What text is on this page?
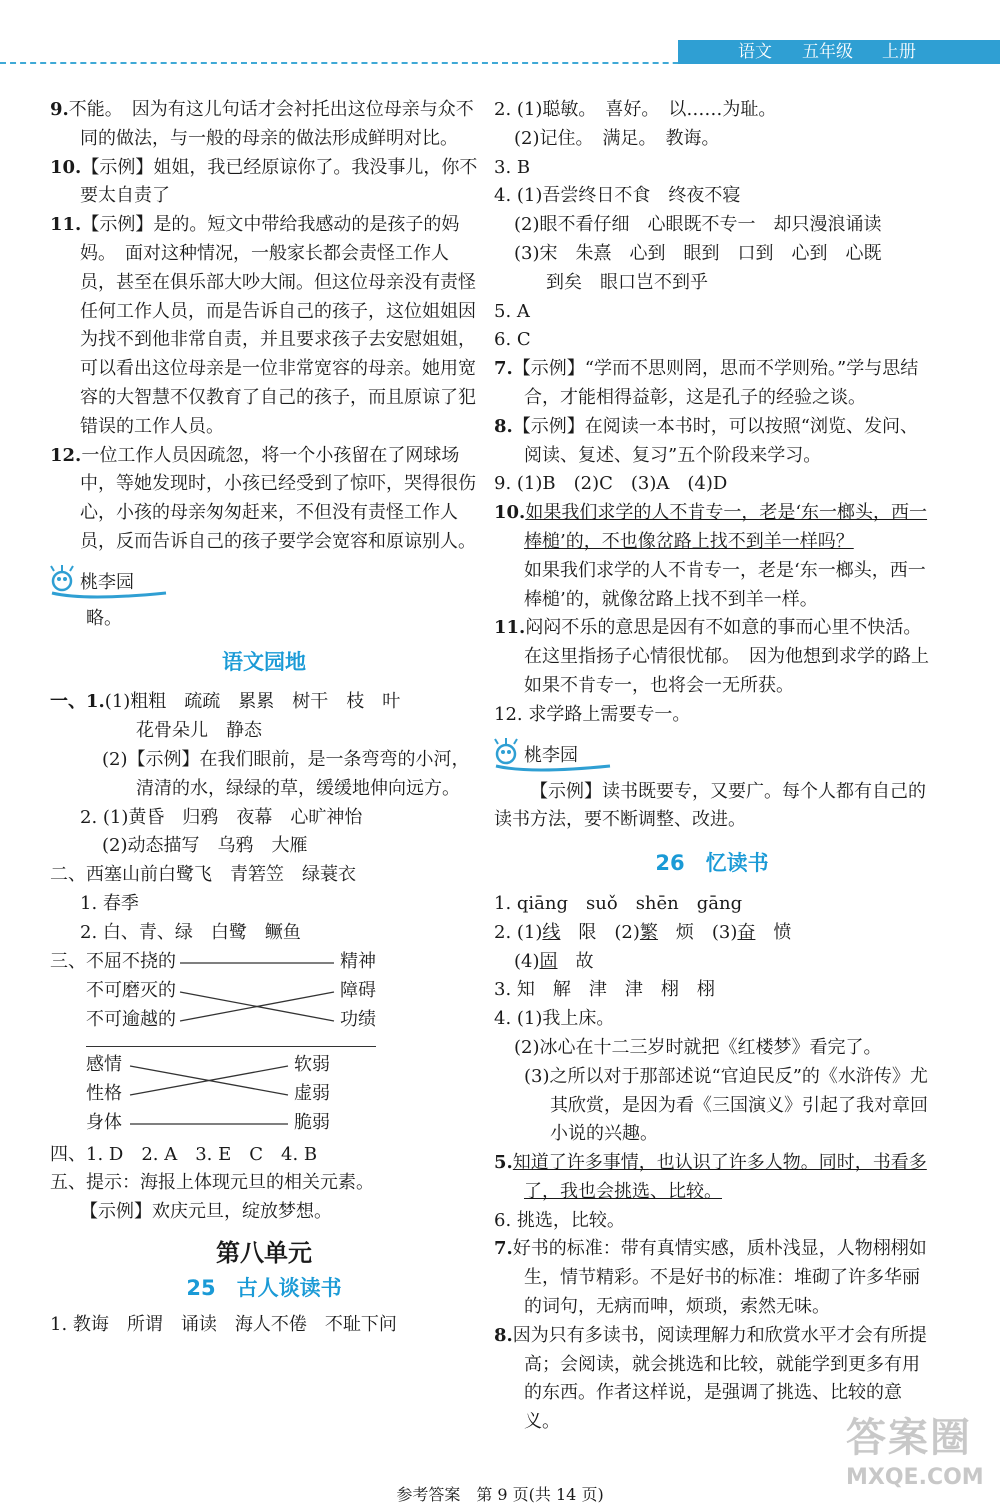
语文 五年级 上册

9.不能。　因为有这儿句话才会衬托出这位母亲与众不同的做法，与一般的母亲的做法形成鲜明对比。

10.【示例】姐姐，我已经原谅你了。我没事儿，你不要太自责了

11.【示例】是的。短文中带给我感动的是孩子的妈妈。　面对这种情况，一般家长都会责怪工作人员，甚至在俱乐部大吵大闹。但这位母亲没有责怪任何工作人员，而是告诉自己的孩子，这位姐姐因为找不到他非常自责，并且要求孩子去安慰姐姐，可以看出这位母亲是一位非常宽容的母亲。她用宽容的大智慧不仅教育了自己的孩子，而且原谅了犯错误的工作人员。

12.一位工作人员因疏忽，将一个小孩留在了网球场中，等她发现时，小孩已经受到了惊吓，哭得很伤心，小孩的母亲匆匆赶来，不但没有责怪工作人员，反而告诉自己的孩子要学会宽容和原谅别人。

桃李园

略。

语文园地

一、1.(1)粗粗　疏疏　累累　树干　枝　叶

花骨朵儿　静态

(2)【示例】在我们眼前，是一条弯弯的小河，

清清的水，绿绿的草，缓缓地伸向远方。

2. (1)黄昏　归鸦　夜幕　心旷神怡

(2)动态描写　乌鸦　大雁

二、西塞山前白鹭飞　青箬笠　绿蓑衣

1. 春季

2. 白、青、绿　白鹭　鳜鱼

三、 不屈不挠的
不可磨灭的
不可逾越的
精神
障碍
功绩
感情
性格
身体
软弱
虚弱
脆弱

四、1. D　2. A　3. E　C　4. B

五、提示：海报上体现元旦的相关元素。

【示例】欢庆元旦，绽放梦想。

第八单元
25　古人谈读书

1. 教诲　所谓　诵读　海人不倦　不耻下问

2. (1)聪敏。　喜好。　以……为耻。

(2)记住。　满足。　教诲。

3. B

4. (1)吾尝终日不食　终夜不寝

(2)眼不看仔细　心眼既不专一　却只漫浪诵读

(3)宋　朱熹　心到　眼到　口到　心到　心既

到矣　眼口岂不到乎

5. A

6. C

7.【示例】“学而不思则罔，思而不学则殆。”学与思结合，才能相得益彰，这是孔子的经验之谈。

8.【示例】在阅读一本书时，可以按照“浏览、发问、阅读、复述、复习”五个阶段来学习。

9. (1)B　(2)C　(3)A　(4)D

10.如果我们求学的人不肯专一，老是‘东一榔头，西一棒槌’的，不也像岔路上找不到羊一样吗？

如果我们求学的人不肯专一，老是‘东一榔头，西一棒槌’的，就像岔路上找不到羊一样。

11.闷闷不乐的意思是因有不如意的事而心里不快活。在这里指扬子心情很忧郁。　因为他想到求学的路上如果不肯专一，也将会一无所获。

12. 求学路上需要专一。

桃李园

【示例】读书既要专，又要广。每个人都有自己的读书方法，要不断调整、改进。

26　忆读书

1. qiāng　suǒ　shēn　gāng

2. (1)线　限　(2)繁　烦　(3)奋　愤

(4)固　故

3. 知　解　津　津　栩　栩

4. (1)我上床。

(2)冰心在十二三岁时就把《红楼梦》看完了。

(3)之所以对于那部述说“官迫民反”的《水浒传》尤其欣赏，是因为看《三国演义》引起了我对章回小说的兴趣。

5.知道了许多事情，也认识了许多人物。同时，书看多了，我也会挑选、比较。

6. 挑选，比较。

7.好书的标准：带有真情实感，质朴浅显，人物栩栩如生，情节精彩。不是好书的标准：堆砌了许多华丽的词句，无病而呻，烦琐，索然无味。

8.因为只有多读书，阅读理解力和欣赏水平才会有所提高；会阅读，就会挑选和比较，就能学到更多有用的东西。作者这样说，是强调了挑选、比较的意义。	答案圈
MXQE.COM
参考答案　第 9 页(共 14 页)
